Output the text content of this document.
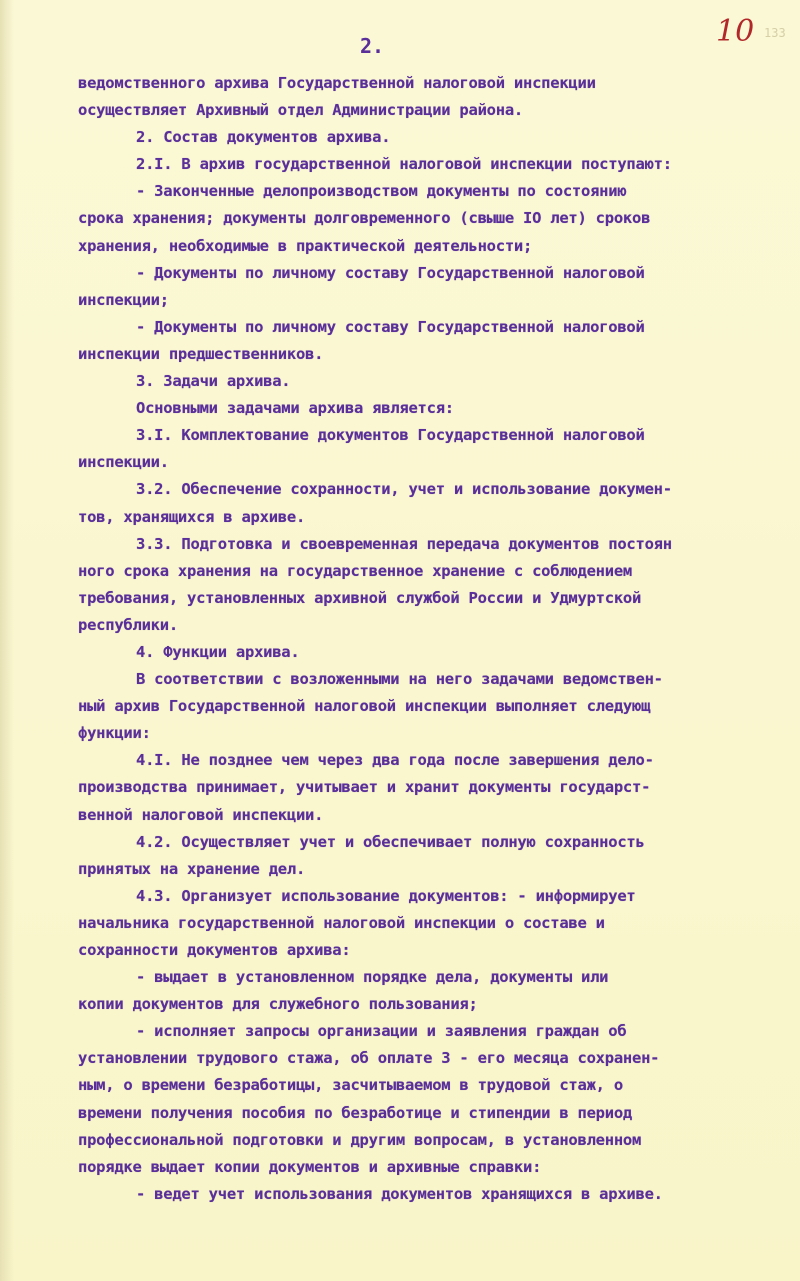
2.	10 133
ведомственного архива Государственной налоговой инспекции
осуществляет Архивный отдел Администрации района.
2. Состав документов архива.
2.I. В архив государственной налоговой инспекции поступают:
- Законченные делопроизводством документы по состоянию
срока хранения; документы долговременного (свыше IO лет) сроков
хранения, необходимые в практической деятельности;
- Документы по личному составу Государственной налоговой
инспекции;
- Документы по личному составу Государственной налоговой
инспекции предшественников.
3. Задачи архива.
Основными задачами архива является:
3.I. Комплектование документов Государственной налоговой
инспекции.
3.2. Обеспечение сохранности, учет и использование докумен-
тов, хранящихся в архиве.
3.3. Подготовка и своевременная передача документов постоян
ного срока хранения на государственное хранение с соблюдением
требования, установленных архивной службой России и Удмуртской
республики.
4. Функции архива.
В соответствии с возложенными на него задачами ведомствен-
ный архив Государственной налоговой инспекции выполняет следующ
функции:
4.I. Не позднее чем через два года после завершения дело-
производства принимает, учитывает и хранит документы государст-
венной налоговой инспекции.
4.2. Осуществляет учет и обеспечивает полную сохранность
принятых на хранение дел.
4.3. Организует использование документов: - информирует
начальника государственной налоговой инспекции о составе и
сохранности документов архива:
- выдает в установленном порядке дела, документы или
копии документов для служебного пользования;
- исполняет запросы организации и заявления граждан об
установлении трудового стажа, об оплате 3 - его месяца сохранен-
ным, о времени безработицы, засчитываемом в трудовой стаж, о
времени получения пособия по безработице и стипендии в период
профессиональной подготовки и другим вопросам, в установленном
порядке выдает копии документов и архивные справки:
- ведет учет использования документов хранящихся в архиве.
